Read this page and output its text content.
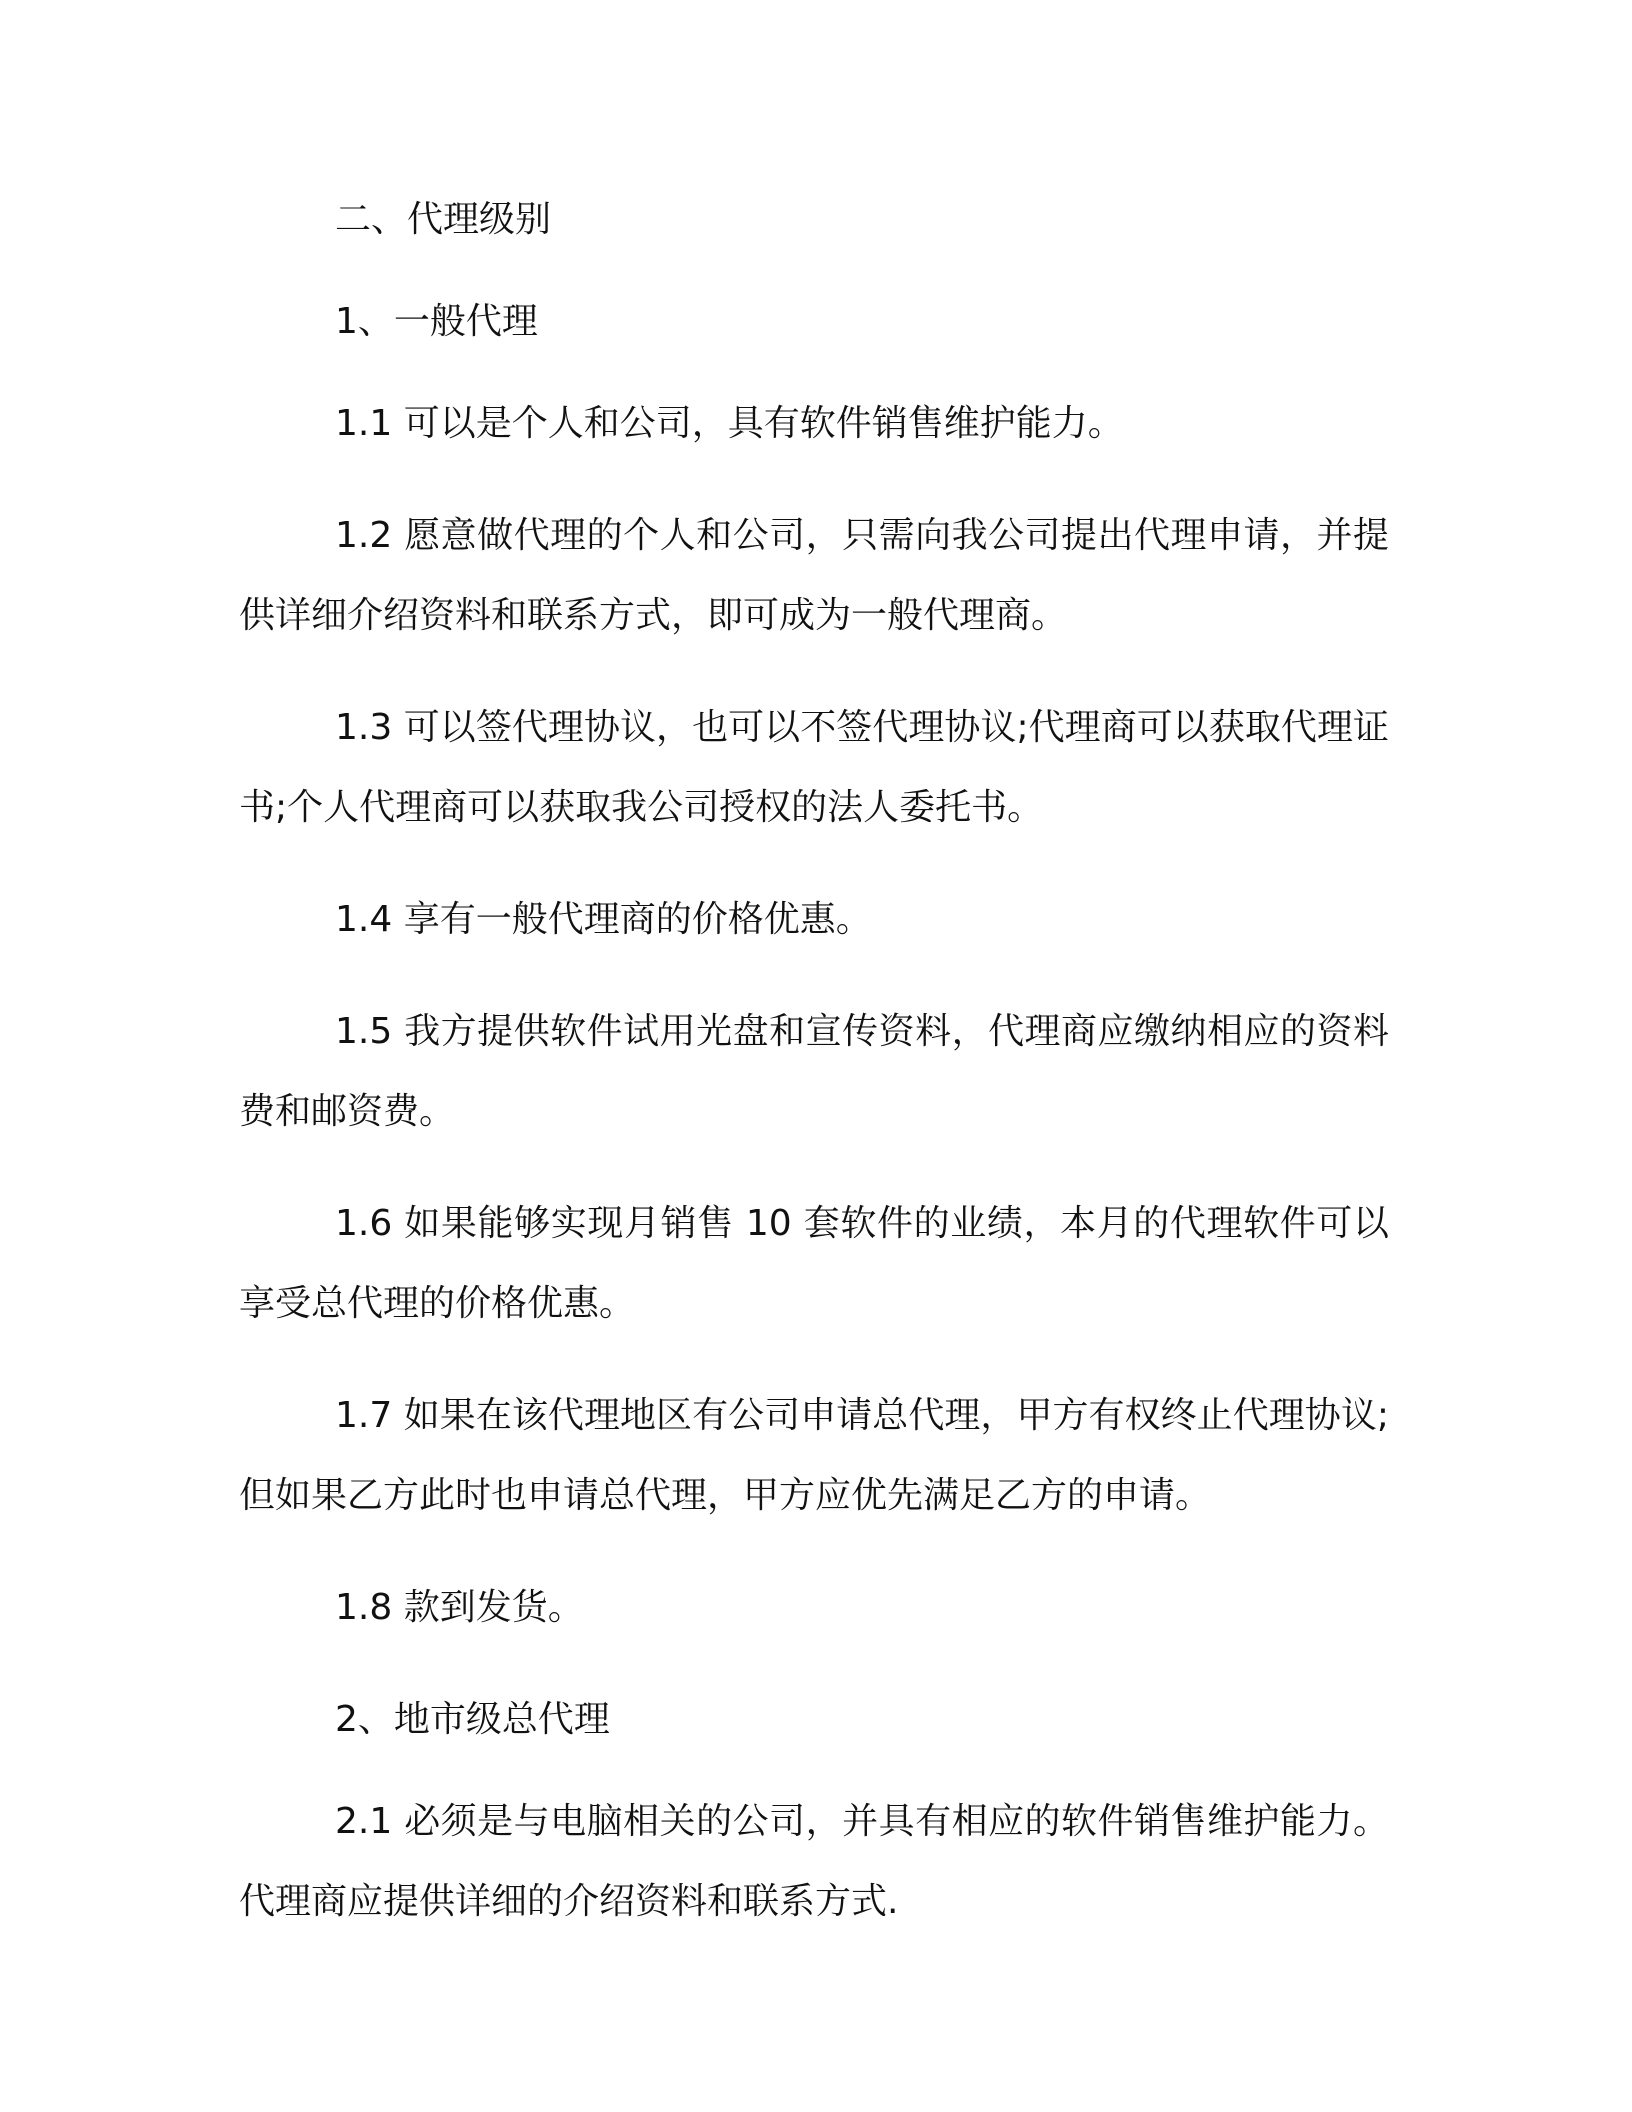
二、代理级别

1、一般代理

1.1 可以是个人和公司，具有软件销售维护能力。

1.2 愿意做代理的个人和公司，只需向我公司提出代理申请，并提供详细介绍资料和联系方式，即可成为一般代理商。

1.3 可以签代理协议，也可以不签代理协议;代理商可以获取代理证书;个人代理商可以获取我公司授权的法人委托书。

1.4 享有一般代理商的价格优惠。

1.5 我方提供软件试用光盘和宣传资料，代理商应缴纳相应的资料费和邮资费。

1.6 如果能够实现月销售 10 套软件的业绩，本月的代理软件可以享受总代理的价格优惠。

1.7 如果在该代理地区有公司申请总代理，甲方有权终止代理协议;但如果乙方此时也申请总代理，甲方应优先满足乙方的申请。

1.8 款到发货。

2、地市级总代理

2.1 必须是与电脑相关的公司，并具有相应的软件销售维护能力。代理商应提供详细的介绍资料和联系方式.
